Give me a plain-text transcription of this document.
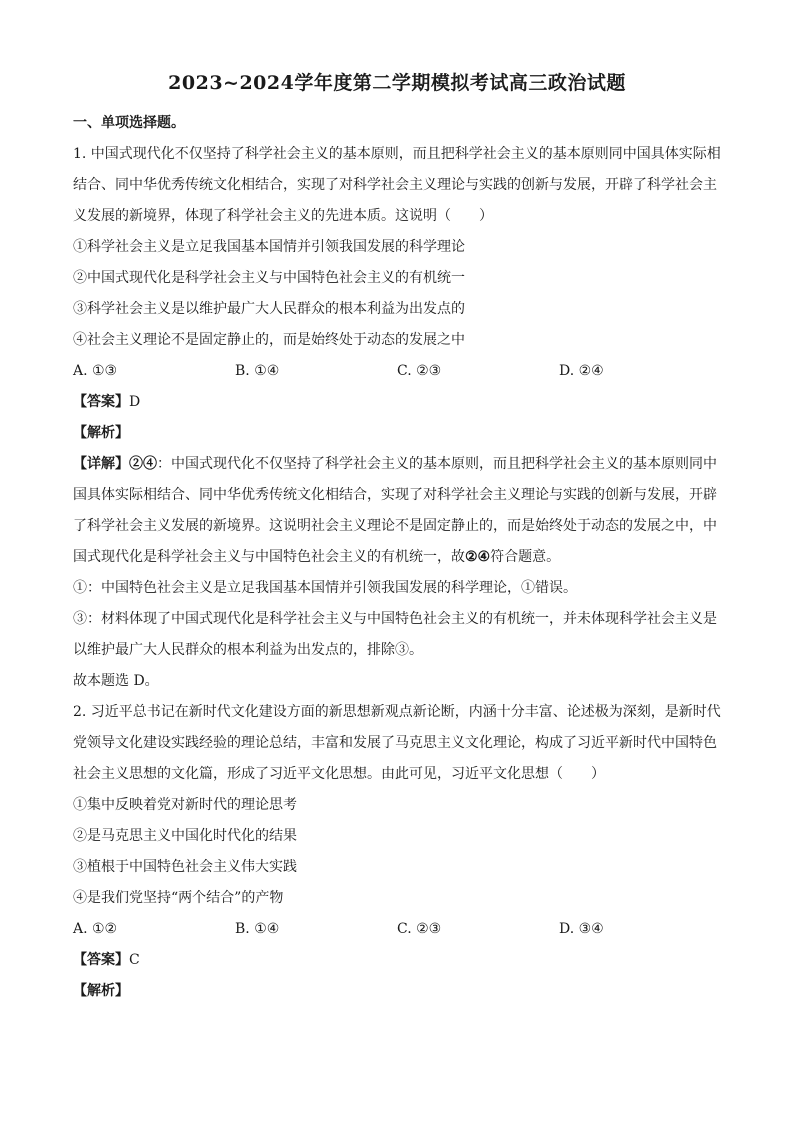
2023~2024学年度第二学期模拟考试高三政治试题
一、单项选择题。
1. 中国式现代化不仅坚持了科学社会主义的基本原则，而且把科学社会主义的基本原则同中国具体实际相
结合、同中华优秀传统文化相结合，实现了对科学社会主义理论与实践的创新与发展，开辟了科学社会主
义发展的新境界，体现了科学社会主义的先进本质。这说明（　　）
①科学社会主义是立足我国基本国情并引领我国发展的科学理论
②中国式现代化是科学社会主义与中国特色社会主义的有机统一
③科学社会主义是以维护最广大人民群众的根本利益为出发点的
④社会主义理论不是固定静止的，而是始终处于动态的发展之中
A. ①③	B. ①④	C. ②③	D. ②④
【答案】D
【解析】
【详解】②④：中国式现代化不仅坚持了科学社会主义的基本原则，而且把科学社会主义的基本原则同中
国具体实际相结合、同中华优秀传统文化相结合，实现了对科学社会主义理论与实践的创新与发展，开辟
了科学社会主义发展的新境界。这说明社会主义理论不是固定静止的，而是始终处于动态的发展之中，中
国式现代化是科学社会主义与中国特色社会主义的有机统一，故②④符合题意。
①：中国特色社会主义是立足我国基本国情并引领我国发展的科学理论，①错误。
③：材料体现了中国式现代化是科学社会主义与中国特色社会主义的有机统一，并未体现科学社会主义是
以维护最广大人民群众的根本利益为出发点的，排除③。
故本题选 D。
2. 习近平总书记在新时代文化建设方面的新思想新观点新论断，内涵十分丰富、论述极为深刻，是新时代
党领导文化建设实践经验的理论总结，丰富和发展了马克思主义文化理论，构成了习近平新时代中国特色
社会主义思想的文化篇，形成了习近平文化思想。由此可见，习近平文化思想（　　）
①集中反映着党对新时代的理论思考
②是马克思主义中国化时代化的结果
③植根于中国特色社会主义伟大实践
④是我们党坚持“两个结合”的产物
A. ①②	B. ①④	C. ②③	D. ③④
【答案】C
【解析】
